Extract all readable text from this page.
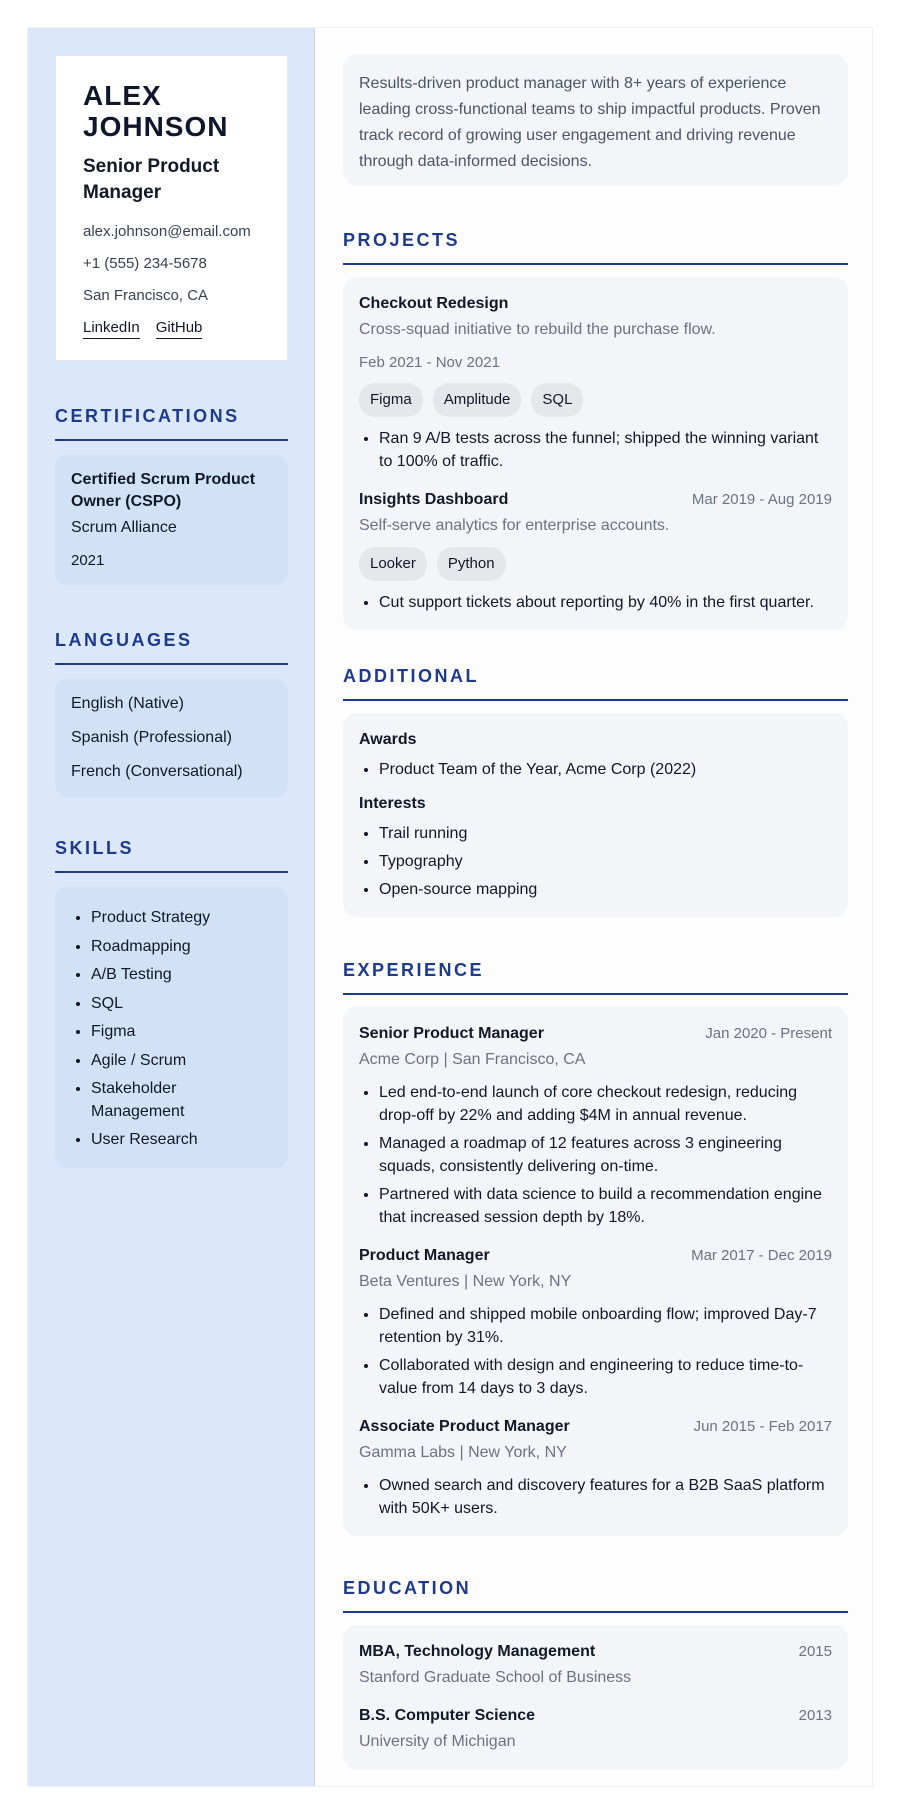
ALEX JOHNSON
Senior Product Manager
alex.johnson@email.com
+1 (555) 234-5678
San Francisco, CA
LinkedIn GitHub
CERTIFICATIONS
Certified Scrum Product Owner (CSPO)
Scrum Alliance
2021
LANGUAGES
English (Native)
Spanish (Professional)
French (Conversational)
SKILLS
• Product Strategy
• Roadmapping
• A/B Testing
• SQL
• Figma
• Agile / Scrum
• Stakeholder Management
• User Research
Results-driven product manager with 8+ years of experience leading cross-functional teams to ship impactful products. Proven track record of growing user engagement and driving revenue through data-informed decisions.
PROJECTS
Checkout Redesign
Cross-squad initiative to rebuild the purchase flow.
Feb 2021 - Nov 2021
Figma	Amplitude	SQL
• Ran 9 A/B tests across the funnel; shipped the winning variant to 100% of traffic.
Insights Dashboard	Mar 2019 - Aug 2019
Self-serve analytics for enterprise accounts.
Looker	Python
• Cut support tickets about reporting by 40% in the first quarter.
ADDITIONAL
Awards
• Product Team of the Year, Acme Corp (2022)
Interests
• Trail running
• Typography
• Open-source mapping
EXPERIENCE
Senior Product Manager	Jan 2020 - Present
Acme Corp | San Francisco, CA
• Led end-to-end launch of core checkout redesign, reducing drop-off by 22% and adding $4M in annual revenue.
• Managed a roadmap of 12 features across 3 engineering squads, consistently delivering on-time.
• Partnered with data science to build a recommendation engine that increased session depth by 18%.
Product Manager	Mar 2017 - Dec 2019
Beta Ventures | New York, NY
• Defined and shipped mobile onboarding flow; improved Day-7 retention by 31%.
• Collaborated with design and engineering to reduce time-to-value from 14 days to 3 days.
Associate Product Manager	Jun 2015 - Feb 2017
Gamma Labs | New York, NY
• Owned search and discovery features for a B2B SaaS platform with 50K+ users.
EDUCATION
MBA, Technology Management	2015
Stanford Graduate School of Business
B.S. Computer Science	2013
University of Michigan
